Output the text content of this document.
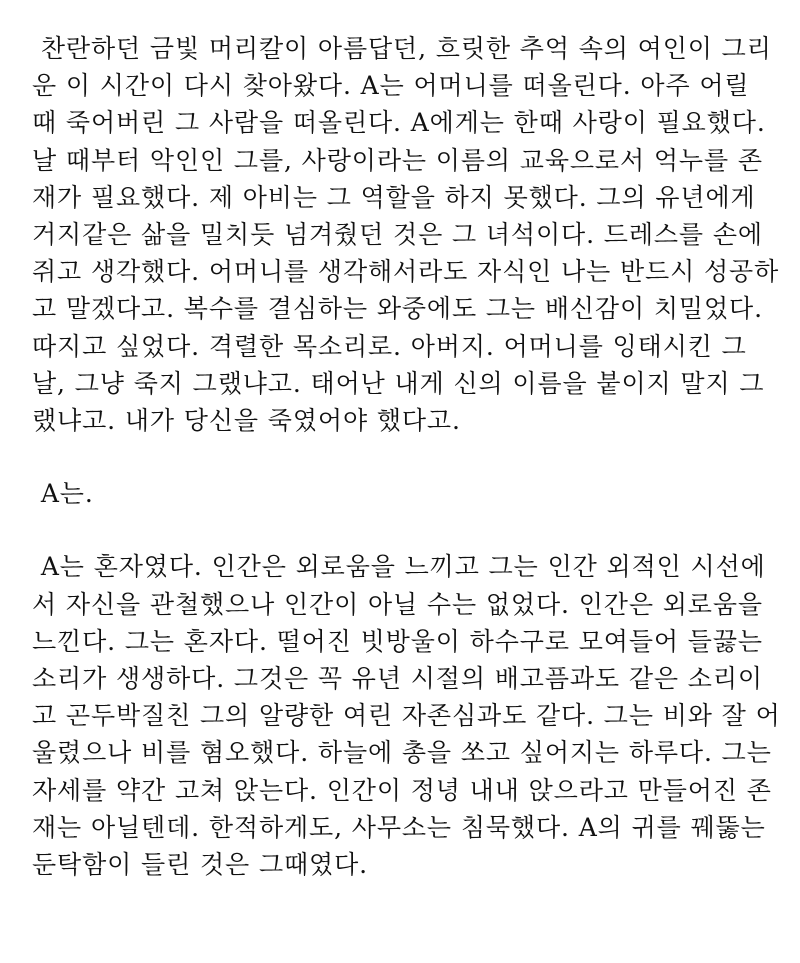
찬란하던 금빛 머리칼이 아름답던, 흐릿한 추억 속의 여인이 그리
운 이 시간이 다시 찾아왔다. A는 어머니를 떠올린다. 아주 어릴
때 죽어버린 그 사람을 떠올린다. A에게는 한때 사랑이 필요했다.
날 때부터 악인인 그를, 사랑이라는 이름의 교육으로서 억누를 존
재가 필요했다. 제 아비는 그 역할을 하지 못했다. 그의 유년에게
거지같은 삶을 밀치듯 넘겨줬던 것은 그 녀석이다. 드레스를 손에
쥐고 생각했다. 어머니를 생각해서라도 자식인 나는 반드시 성공하
고 말겠다고. 복수를 결심하는 와중에도 그는 배신감이 치밀었다.
따지고 싶었다. 격렬한 목소리로. 아버지. 어머니를 잉태시킨 그
날, 그냥 죽지 그랬냐고. 태어난 내게 신의 이름을 붙이지 말지 그
랬냐고. 내가 당신을 죽였어야 했다고.
A는.
A는 혼자였다. 인간은 외로움을 느끼고 그는 인간 외적인 시선에
서 자신을 관철했으나 인간이 아닐 수는 없었다. 인간은 외로움을
느낀다. 그는 혼자다. 떨어진 빗방울이 하수구로 모여들어 들끓는
소리가 생생하다. 그것은 꼭 유년 시절의 배고픔과도 같은 소리이
고 곤두박질친 그의 알량한 여린 자존심과도 같다. 그는 비와 잘 어
울렸으나 비를 혐오했다. 하늘에 총을 쏘고 싶어지는 하루다. 그는
자세를 약간 고쳐 앉는다. 인간이 정녕 내내 앉으라고 만들어진 존
재는 아닐텐데. 한적하게도, 사무소는 침묵했다. A의 귀를 꿰뚫는
둔탁함이 들린 것은 그때였다.
